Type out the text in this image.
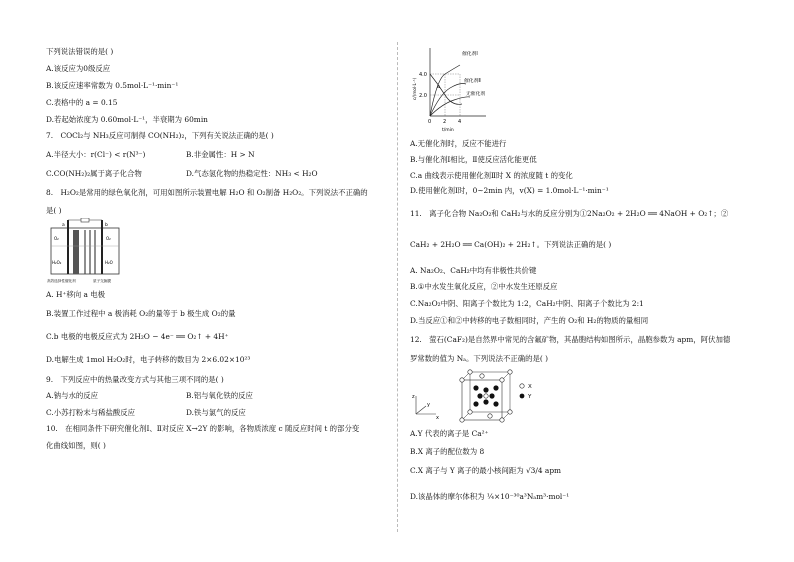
下列说法错误的是( )
A.该反应为0级反应
B.该反应速率常数为 0.5mol·L⁻¹·min⁻¹
C.表格中的 a = 0.15
D.若起始浓度为 0.60mol·L⁻¹，半衰期为 60min
7.　COCl₂与 NH₃反应可制得 CO(NH₂)₂，下列有关说法正确的是( )
A.半径大小：r(Cl⁻) < r(N³⁻)	B.非金属性：H > N
C.CO(NH₂)₂属于离子化合物	D.气态氢化物的热稳定性：NH₃ < H₂O
8.　H₂O₂是常用的绿色氧化剂，可用如图所示装置电解 H₂O 和 O₂制备 H₂O₂。下列说法不正确的
是( )
a	b
O₂
H₂O₂
O₂
H₂O
高效选择性催化剂	质子交换膜
A. H⁺移向 a 电极
B.装置工作过程中 a 极消耗 O₂的量等于 b 极生成 O₂的量
C.b 电极的电极反应式为 2H₂O − 4e⁻ ══ O₂↑ + 4H⁺
D.电解生成 1mol H₂O₂时，电子转移的数目为 2×6.02×10²³
9.　下列反应中的热量改变方式与其他三项不同的是( )
A.钠与水的反应	B.铝与氧化铁的反应
C.小苏打粉末与稀盐酸反应	D.铁与氯气的反应
10.　在相同条件下研究催化剂Ⅰ、Ⅱ对反应 X→2Y 的影响，各物质浓度 c 随反应时间 t 的部分变
化曲线如图，则( )
4.0
2.0
0 2 4
t/min
c/(mol·L⁻¹)
催化剂Ⅰ
催化剂Ⅱ
无催化剂
a
A.无催化剂时，反应不能进行
B.与催化剂Ⅰ相比，Ⅱ使反应活化能更低
C.a 曲线表示使用催化剂Ⅱ时 X 的浓度随 t 的变化
D.使用催化剂Ⅰ时，0~2min 内，v(X) = 1.0mol·L⁻¹·min⁻¹
11.　离子化合物 Na₂O₂和 CaH₂与水的反应分别为①2Na₂O₂ + 2H₂O ══ 4NaOH + O₂↑；②
CaH₂ + 2H₂O ══ Ca(OH)₂ + 2H₂↑。下列说法正确的是( )
A. Na₂O₂、CaH₂中均有非极性共价键
B.①中水发生氧化反应，②中水发生还原反应
C.Na₂O₂中阴、阳离子个数比为 1:2，CaH₂中阴、阳离子个数比为 2:1
D.当反应①和②中转移的电子数相同时，产生的 O₂和 H₂的物质的量相同
12.　萤石(CaF₂)是自然界中常见的含氟矿物，其晶胞结构如图所示，晶胞参数为 apm，阿伏加德
罗常数的值为 Nₐ。下列说法不正确的是( )
z
x
y
X
Y
A.Y 代表的离子是 Ca²⁺
B.X 离子的配位数为 8
C.X 离子与 Y 离子的最小核间距为 √3/4 apm
D.该晶体的摩尔体积为 ¼×10⁻³⁰a³Nₐm³·mol⁻¹
